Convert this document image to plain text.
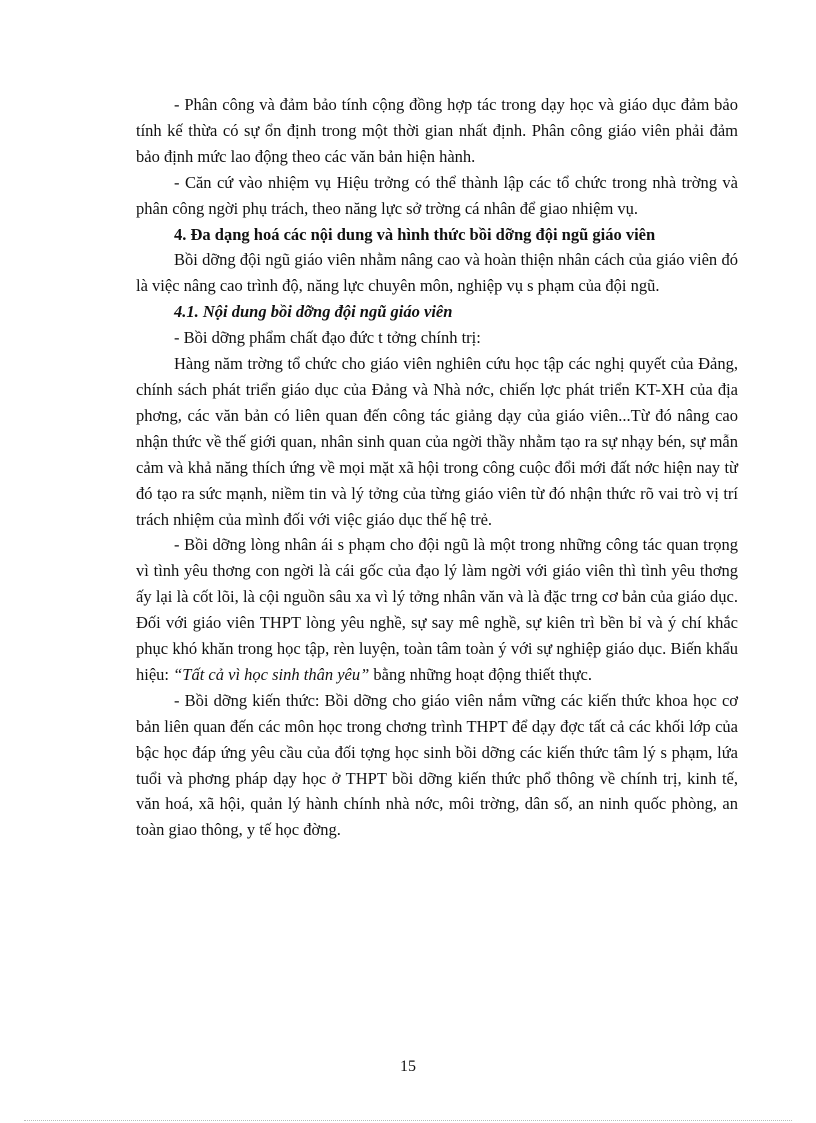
- Phân công và đảm bảo tính cộng đồng hợp tác trong dạy học và giáo dục đảm bảo tính kế thừa có sự ổn định trong một thời gian nhất định. Phân công giáo viên phải đảm bảo định mức lao động theo các văn bản hiện hành.

- Căn cứ vào nhiệm vụ Hiệu trởng có thể thành lập các tổ chức trong nhà trờng và phân công ngời phụ trách, theo năng lực sở trờng cá nhân để giao nhiệm vụ.

4. Đa dạng hoá các nội dung và hình thức bồi dỡng đội ngũ giáo viên

Bồi dỡng đội ngũ giáo viên nhằm nâng cao và hoàn thiện nhân cách của giáo viên đó là việc nâng cao trình độ, năng lực chuyên môn, nghiệp vụ s phạm của đội ngũ.

4.1. Nội dung bồi dỡng đội ngũ giáo viên

- Bồi dỡng phẩm chất đạo đức t tởng chính trị:

Hàng năm trờng tổ chức cho giáo viên nghiên cứu học tập các nghị quyết của Đảng, chính sách phát triển giáo dục của Đảng và Nhà nớc, chiến lợc phát triển KT-XH của địa phơng, các văn bản có liên quan đến công tác giảng dạy của giáo viên...Từ đó nâng cao nhận thức về thế giới quan, nhân sinh quan của ngời thầy nhằm tạo ra sự nhạy bén, sự mẫn cảm và khả năng thích ứng về mọi mặt xã hội trong công cuộc đổi mới đất nớc hiện nay từ đó tạo ra sức mạnh, niềm tin và lý tởng của từng giáo viên từ đó nhận thức rõ vai trò vị trí trách nhiệm của mình đối với việc giáo dục thế hệ trẻ.

- Bồi dỡng lòng nhân ái s phạm cho đội ngũ là một trong những công tác quan trọng vì tình yêu thơng con ngời là cái gốc của đạo lý làm ngời với giáo viên thì tình yêu thơng ấy lại là cốt lõi, là cội nguồn sâu xa vì lý tởng nhân văn và là đặc trng cơ bản của giáo dục. Đối với giáo viên THPT lòng yêu nghề, sự say mê nghề, sự kiên trì bền bỉ và ý chí khắc phục khó khăn trong học tập, rèn luyện, toàn tâm toàn ý với sự nghiệp giáo dục. Biến khẩu hiệu: “Tất cả vì học sinh thân yêu” bằng những hoạt động thiết thực.

- Bồi dỡng kiến thức: Bồi dỡng cho giáo viên nắm vững các kiến thức khoa học cơ bản liên quan đến các môn học trong chơng trình THPT để dạy đợc tất cả các khối lớp của bậc học đáp ứng yêu cầu của đối tợng học sinh bồi dỡng các kiến thức tâm lý s phạm, lứa tuổi và phơng pháp dạy học ở THPT bồi dỡng kiến thức phổ thông về chính trị, kinh tế, văn hoá, xã hội, quản lý hành chính nhà nớc, môi trờng, dân số, an ninh quốc phòng, an toàn giao thông, y tế học đờng.

15
